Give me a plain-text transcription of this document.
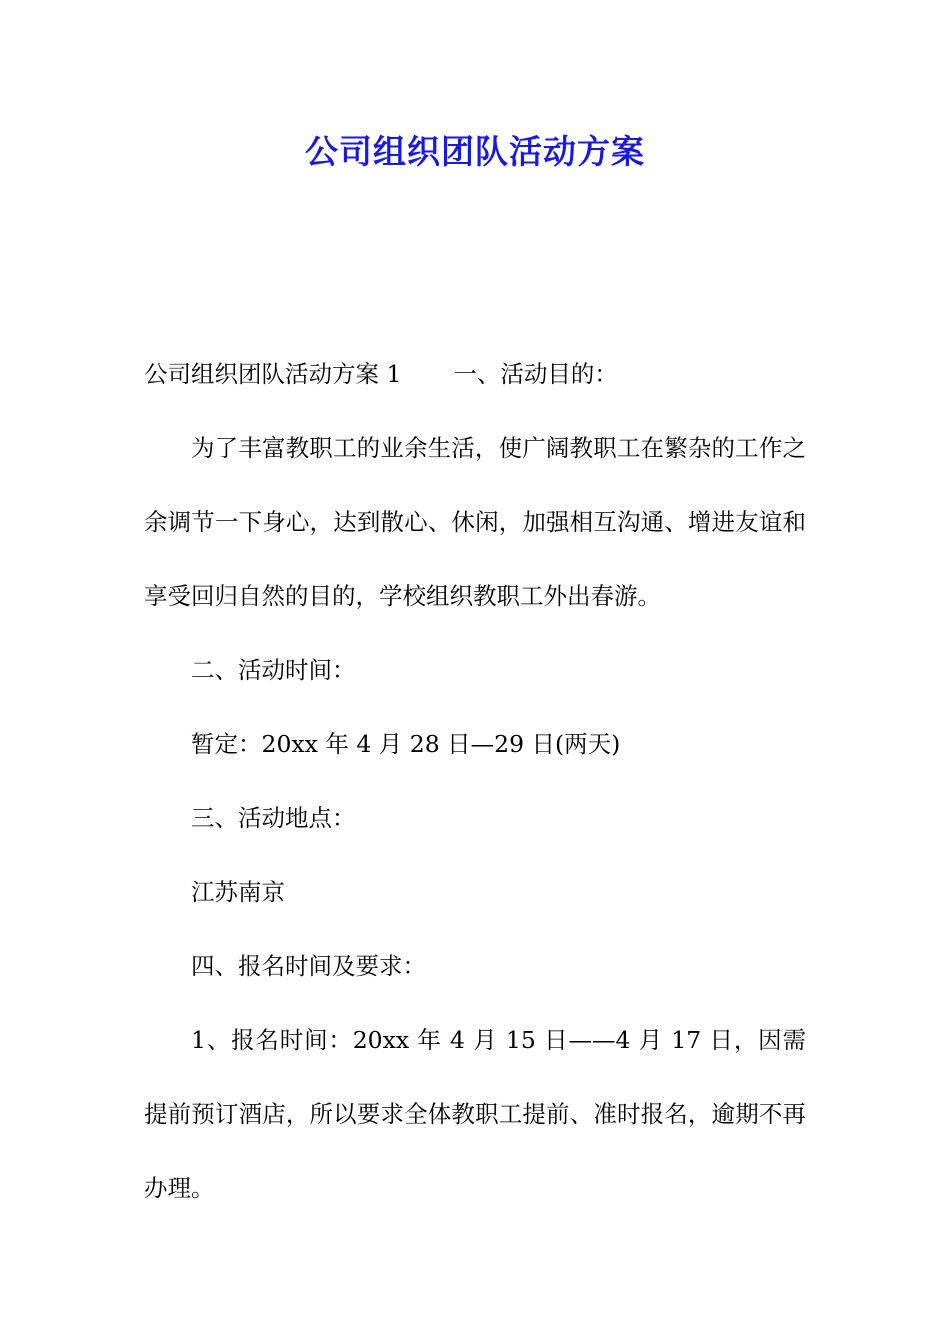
公司组织团队活动方案

公司组织团队活动方案 1 一、活动目的：

为了丰富教职工的业余生活，使广阔教职工在繁杂的工作之余调节一下身心，达到散心、休闲，加强相互沟通、增进友谊和享受回归自然的目的，学校组织教职工外出春游。

二、活动时间：

暂定：20xx 年 4 月 28 日—29 日(两天)

三、活动地点：

江苏南京

四、报名时间及要求：

1、报名时间：20xx 年 4 月 15 日——4 月 17 日，因需提前预订酒店，所以要求全体教职工提前、准时报名，逾期不再办理。
